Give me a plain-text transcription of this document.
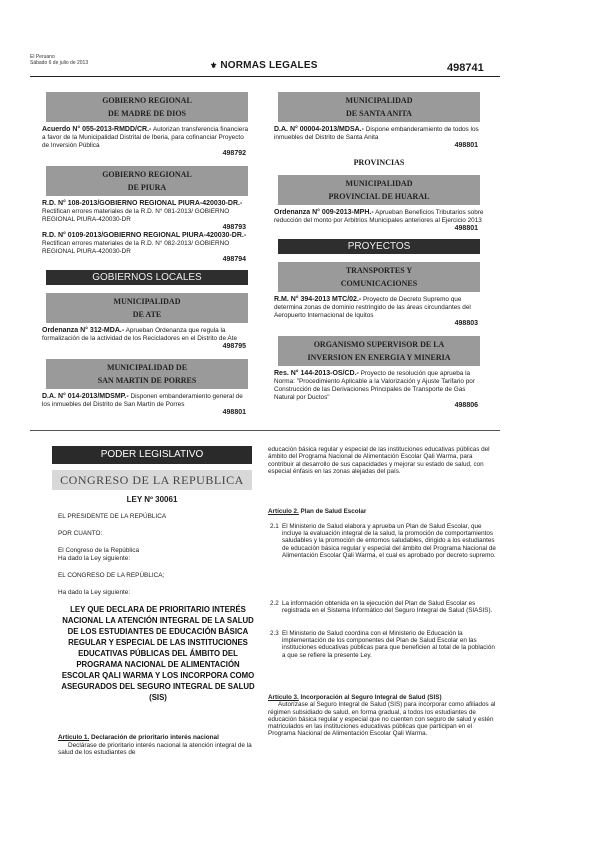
El Peruano
Sábado 6 de julio de 2013	⚜ NORMAS LEGALES	498741
GOBIERNO REGIONAL
DE MADRE DE DIOS

Acuerdo N° 055-2013-RMDD/CR.- Autorizan transferencia financiera a favor de la Municipalidad Distrital de Iberia, para cofinanciar Proyecto de Inversión Pública
498792

GOBIERNO REGIONAL
DE PIURA

R.D. N° 108-2013/GOBIERNO REGIONAL PIURA-420030-DR.- Rectifican errores materiales de la R.D. N° 081-2013/ GOBIERNO REGIONAL PIURA-420030-DR
498793

R.D. N° 0109-2013/GOBIERNO REGIONAL PIURA-420030-DR.- Rectifican errores materiales de la R.D. N° 082-2013/ GOBIERNO REGIONAL PIURA-420030-DR
498794

GOBIERNOS LOCALES
MUNICIPALIDAD
DE ATE

Ordenanza N° 312-MDA.- Aprueban Ordenanza que regula la formalización de la actividad de los Recicladores en el Distrito de Ate
498795

MUNICIPALIDAD DE
SAN MARTIN DE PORRES

D.A. N° 014-2013/MDSMP.- Disponen embanderamiento general de los inmuebles del Distrito de San Martín de Porres
498801

MUNICIPALIDAD
DE SANTA ANITA

D.A. N° 00004-2013/MDSA.- Dispone embanderamiento de todos los inmuebles del Distrito de Santa Anita
498801

PROVINCIAS
MUNICIPALIDAD
PROVINCIAL DE HUARAL

Ordenanza N° 009-2013-MPH.- Aprueban Beneficios Tributarios sobre reducción del monto por Arbitrios Municipales anteriores al Ejercicio 2013
498801

PROYECTOS
TRANSPORTES Y
COMUNICACIONES

R.M. N° 394-2013 MTC/02.- Proyecto de Decreto Supremo que determina zonas de dominio restringido de las áreas circundantes del Aeropuerto Internacional de Iquitos
498803

ORGANISMO SUPERVISOR DE LA
INVERSION EN ENERGIA Y MINERIA

Res. N° 144-2013-OS/CD.- Proyecto de resolución que aprueba la Norma: "Procedimiento Aplicable a la Valorización y Ajuste Tarifario por Construcción de las Derivaciones Principales de Transporte de Gas Natural por Ductos"
498806

PODER LEGISLATIVO
CONGRESO DE LA REPUBLICA
LEY Nº 30061
EL PRESIDENTE DE LA REPÚBLICA
POR CUANTO:
El Congreso de la República
Ha dado la Ley siguiente:
EL CONGRESO DE LA REPÚBLICA;
Ha dado la Ley siguiente:
LEY QUE DECLARA DE PRIORITARIO INTERÉS NACIONAL LA ATENCIÓN INTEGRAL DE LA SALUD DE LOS ESTUDIANTES DE EDUCACIÓN BÁSICA REGULAR Y ESPECIAL DE LAS INSTITUCIONES EDUCATIVAS PÚBLICAS DEL ÁMBITO DEL PROGRAMA NACIONAL DE ALIMENTACIÓN ESCOLAR QALI WARMA Y LOS INCORPORA COMO ASEGURADOS DEL SEGURO INTEGRAL DE SALUD (SIS)

Artículo 1. Declaración de prioritario interés nacional

Declárase de prioritario interés nacional la atención integral de la salud de los estudiantes de

educación básica regular y especial de las instituciones educativas públicas del ámbito del Programa Nacional de Alimentación Escolar Qali Warma, para contribuir al desarrollo de sus capacidades y mejorar su estado de salud, con especial énfasis en las zonas alejadas del país.
Artículo 2. Plan de Salud Escolar
2.1 El Ministerio de Salud elabora y aprueba un Plan de Salud Escolar, que incluye la evaluación integral de la salud, la promoción de comportamientos saludables y la promoción de entornos saludables, dirigido a los estudiantes de educación básica regular y especial del ámbito del Programa Nacional de Alimentación Escolar Qali Warma, el cual es aprobado por decreto supremo.
2.2 La información obtenida en la ejecución del Plan de Salud Escolar es registrada en el Sistema Informático del Seguro Integral de Salud (SIASIS).
2.3 El Ministerio de Salud coordina con el Ministerio de Educación la implementación de los componentes del Plan de Salud Escolar en las instituciones educativas públicas para que beneficien al total de la población a que se refiere la presente Ley.

Artículo 3. Incorporación al Seguro Integral de Salud (SIS)

Autorízase al Seguro Integral de Salud (SIS) para incorporar como afiliados al régimen subsidiado de salud, en forma gradual, a todos los estudiantes de educación básica regular y especial que no cuenten con seguro de salud y estén matriculados en las instituciones educativas públicas que participan en el Programa Nacional de Alimentación Escolar Qali Warma.
